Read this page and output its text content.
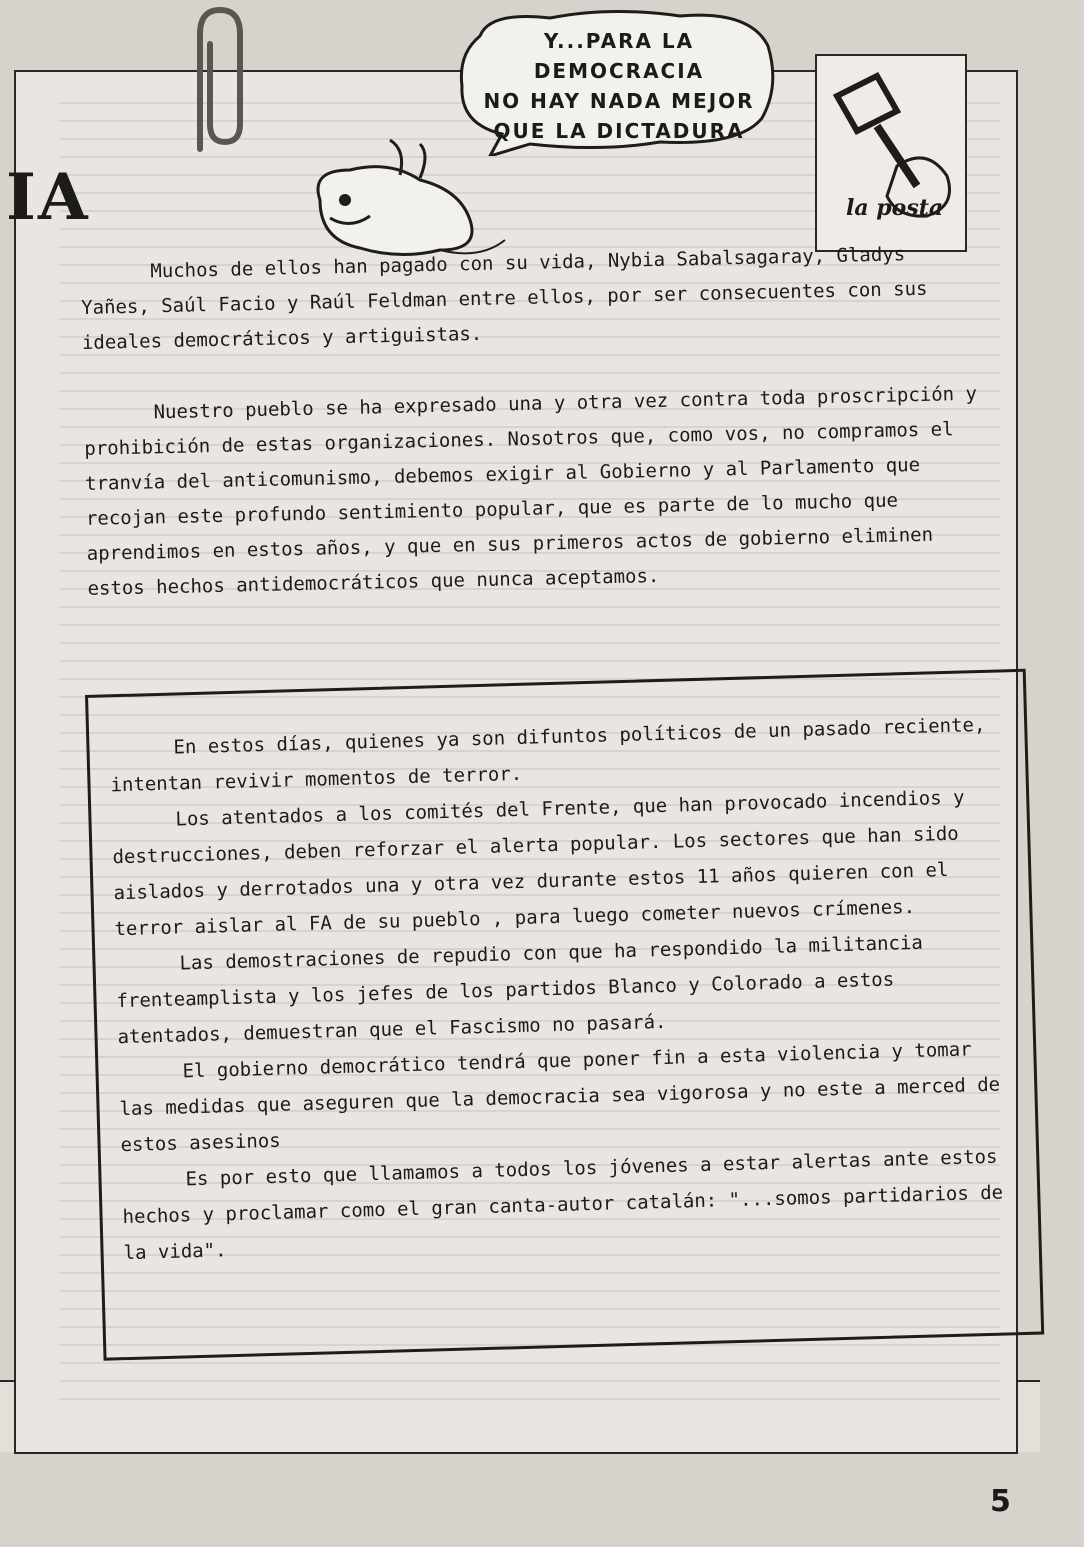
IA
Y...PARA LA
DEMOCRACIA
NO HAY NADA MEJOR
QUE LA DICTADURA
la posta

Muchos de ellos han pagado con su vida, Nybia Sabalsagaray, Gladys Yañes, Saúl Facio y Raúl Feldman entre ellos, por ser consecuentes con sus ideales democráticos y artiguistas.

Nuestro pueblo se ha expresado una y otra vez contra toda proscripción y prohibición de estas organizaciones. Nosotros que, como vos, no compramos el tranvía del anticomunismo, debemos exigir al Gobierno y al Parlamento que recojan este profundo sentimiento popular, que es parte de lo mucho que aprendimos en estos años, y que en sus primeros actos de gobierno eliminen estos hechos antidemocráticos que nunca aceptamos.

En estos días, quienes ya son difuntos políticos de un pasado reciente, intentan revivir momentos de terror.

Los atentados a los comités del Frente, que han provocado incendios y destrucciones, deben reforzar el alerta popular. Los sectores que han sido aislados y derrotados una y otra vez durante estos 11 años quieren con el terror aislar al FA de su pueblo , para luego cometer nuevos crímenes.

Las demostraciones de repudio con que ha respondido la militancia frenteamplista y los jefes de los partidos Blanco y Colorado a estos atentados, demuestran que el Fascismo no pasará.

El gobierno democrático tendrá que poner fin a esta violencia y tomar las medidas que aseguren que la democracia sea vigorosa y no este a merced de estos asesinos

Es por esto que llamamos a todos los jóvenes a estar alertas ante estos hechos y proclamar como el gran canta-autor catalán: "...somos partidarios de la vida".

5
